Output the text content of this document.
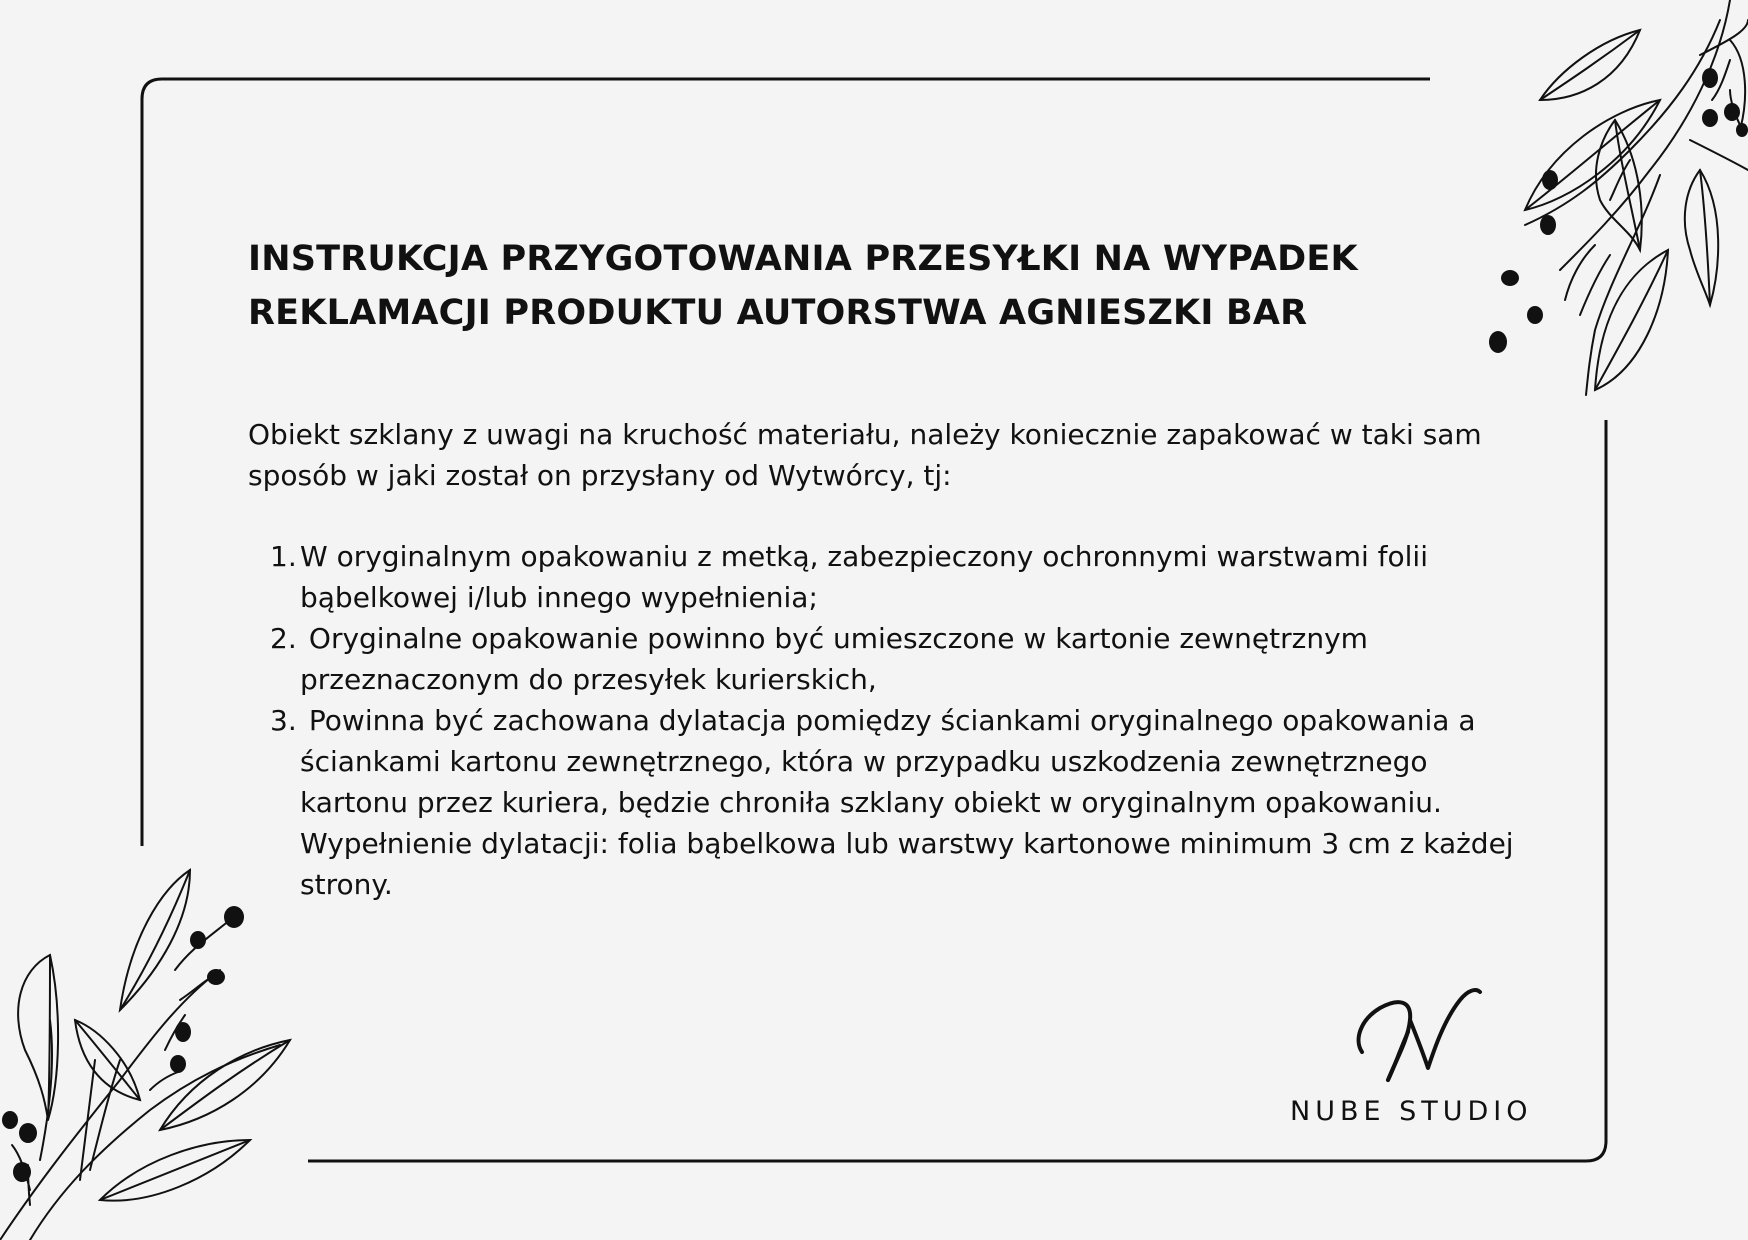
INSTRUKCJA PRZYGOTOWANIA PRZESYŁKI NA WYPADEK
REKLAMACJI PRODUKTU AUTORSTWA AGNIESZKI BAR

Obiekt szklany z uwagi na kruchość materiału, należy koniecznie zapakować w taki sam
sposób w jaki został on przysłany od Wytwórcy, tj:

1. W oryginalnym opakowaniu z metką, zabezpieczony ochronnymi warstwami folii
bąbelkowej i/lub innego wypełnienia;
2. Oryginalne opakowanie powinno być umieszczone w kartonie zewnętrznym
przeznaczonym do przesyłek kurierskich,
3. Powinna być zachowana dylatacja pomiędzy ściankami oryginalnego opakowania a
ściankami kartonu zewnętrznego, która w przypadku uszkodzenia zewnętrznego
kartonu przez kuriera, będzie chroniła szklany obiekt w oryginalnym opakowaniu.
Wypełnienie dylatacji: folia bąbelkowa lub warstwy kartonowe minimum 3 cm z każdej
strony.
NUBE STUDIO
